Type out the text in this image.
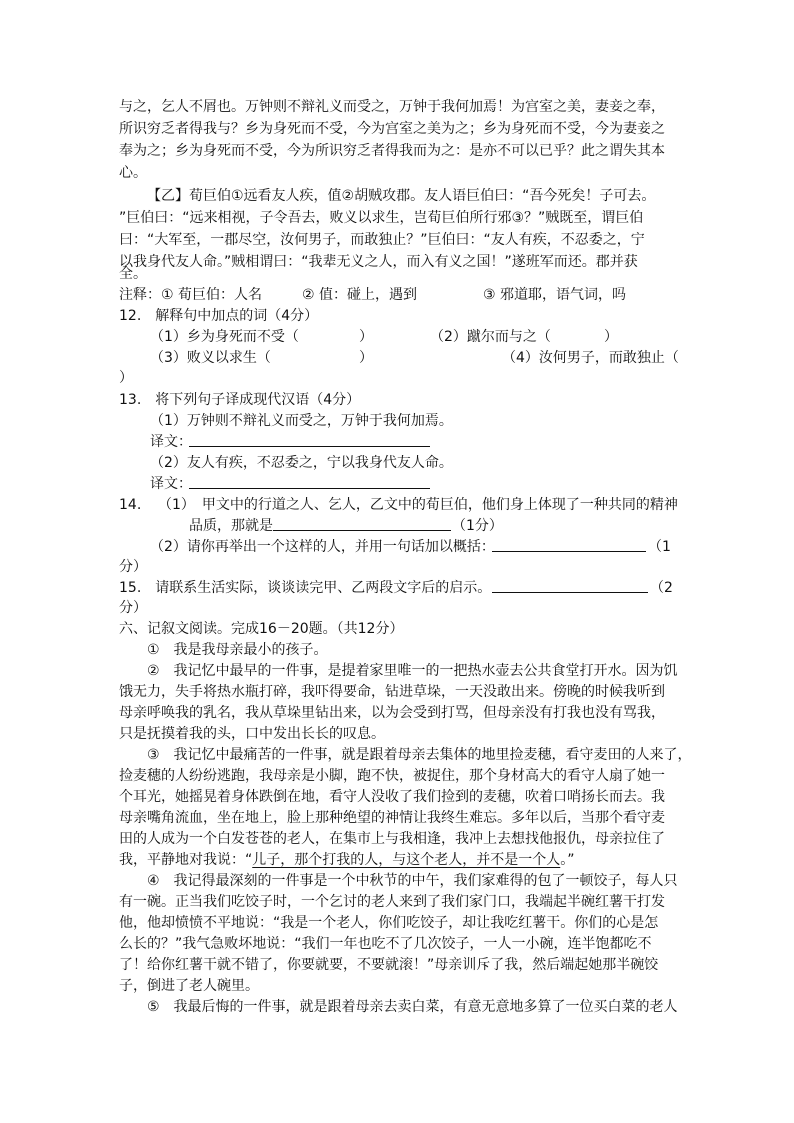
与之，乞人不屑也。万钟则不辩礼义而受之，万钟于我何加焉！为宫室之美，妻妾之奉，
所识穷乏者得我与？乡为身死而不受，今为宫室之美为之；乡为身死而不受，今为妻妾之
奉为之；乡为身死而不受，今为所识穷乏者得我而为之：是亦不可以已乎？此之谓失其本
心。
【乙】荀巨伯①远看友人疾，值②胡贼攻郡。友人语巨伯曰：“吾今死矣！子可去。
”巨伯曰：“远来相视，子令吾去，败义以求生，岂荀巨伯所行邪③？”贼既至，谓巨伯
曰：“大军至，一郡尽空，汝何男子，而敢独止？”巨伯曰：“友人有疾，不忍委之，宁
以我身代友人命。”贼相谓曰：“我辈无义之人，而入有义之国！”遂班军而还。郡并获
全。
注释： ① 荀巨伯：人名	② 值：碰上，遇到	③ 邪道耶，语气词，吗
12.　解释句中加点的词（4分）
（1）乡为身死而不受（	）	（2）蹴尔而与之（	）
（3）败义以求生（	）	（4）汝何男子，而敢独止（
）
13.　将下列句子译成现代汉语（4分）
（1）万钟则不辩礼义而受之，万钟于我何加焉。
译文：
（2）友人有疾，不忍委之，宁以我身代友人命。
译文：
14. （1）　甲文中的行道之人、乞人，乙文中的荀巨伯，他们身上体现了一种共同的精神
品质，那就是	（1分）
（2）请你再举出一个这样的人，并用一句话加以概括：	（1
分）
15.　请联系生活实际，谈谈读完甲、乙两段文字后的启示。	（2
分）
六、记叙文阅读。完成16－20题。（共12分）
①　我是我母亲最小的孩子。
②　我记忆中最早的一件事，是提着家里唯一的一把热水壶去公共食堂打开水。因为饥
饿无力，失手将热水瓶打碎，我吓得要命，钻进草垛，一天没敢出来。傍晚的时候我听到
母亲呼唤我的乳名，我从草垛里钻出来，以为会受到打骂，但母亲没有打我也没有骂我，
只是抚摸着我的头，口中发出长长的叹息。
③　我记忆中最痛苦的一件事，就是跟着母亲去集体的地里捡麦穗，看守麦田的人来了，
捡麦穗的人纷纷逃跑，我母亲是小脚，跑不快，被捉住，那个身材高大的看守人扇了她一
个耳光，她摇晃着身体跌倒在地，看守人没收了我们捡到的麦穗，吹着口哨扬长而去。我
母亲嘴角流血，坐在地上，脸上那种绝望的神情让我终生难忘。多年以后，当那个看守麦
田的人成为一个白发苍苍的老人，在集市上与我相逢，我冲上去想找他报仇，母亲拉住了
我，平静地对我说：“儿子，那个打我的人，与这个老人，并不是一个人。”
④　我记得最深刻的一件事是一个中秋节的中午，我们家难得的包了一顿饺子，每人只
有一碗。正当我们吃饺子时，一个乞讨的老人来到了我们家门口，我端起半碗红薯干打发
他，他却愤愤不平地说：“我是一个老人，你们吃饺子，却让我吃红薯干。你们的心是怎
么长的？”我气急败坏地说：“我们一年也吃不了几次饺子，一人一小碗，连半饱都吃不
了！给你红薯干就不错了，你要就要，不要就滚！”母亲训斥了我，然后端起她那半碗饺
子，倒进了老人碗里。
⑤　我最后悔的一件事，就是跟着母亲去卖白菜，有意无意地多算了一位买白菜的老人
